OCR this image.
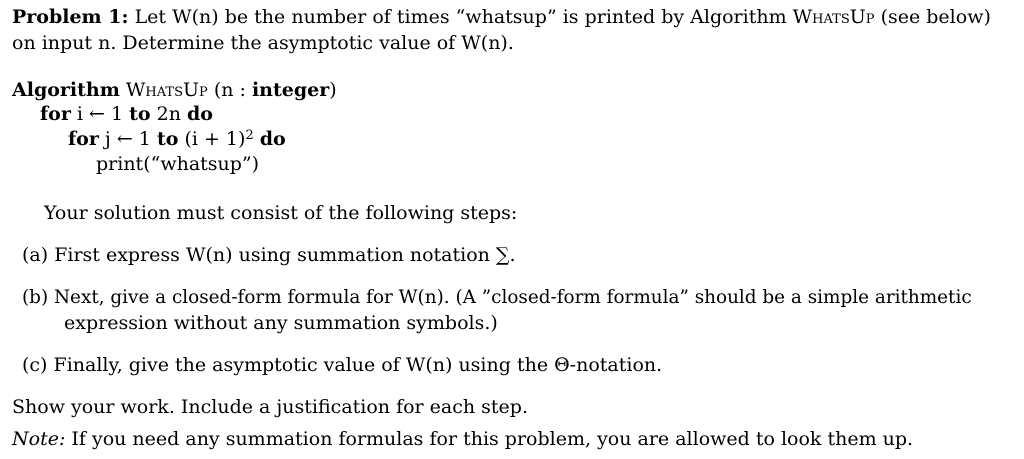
Problem 1: Let W(n) be the number of times “whatsup” is printed by Algorithm WhatsUp (see below)
on input n. Determine the asymptotic value of W(n).
Algorithm WhatsUp (n : integer)
for i ← 1 to 2n do
for j ← 1 to $(i + 1)^2$ do
print(“whatsup”)
Your solution must consist of the following steps:
(a) First express W(n) using summation notation ∑.
(b) Next, give a closed-form formula for W(n). (A ”closed-form formula” should be a simple arithmetic
expression without any summation symbols.)
(c) Finally, give the asymptotic value of W(n) using the Θ-notation.
Show your work. Include a justification for each step.
Note: If you need any summation formulas for this problem, you are allowed to look them up.
